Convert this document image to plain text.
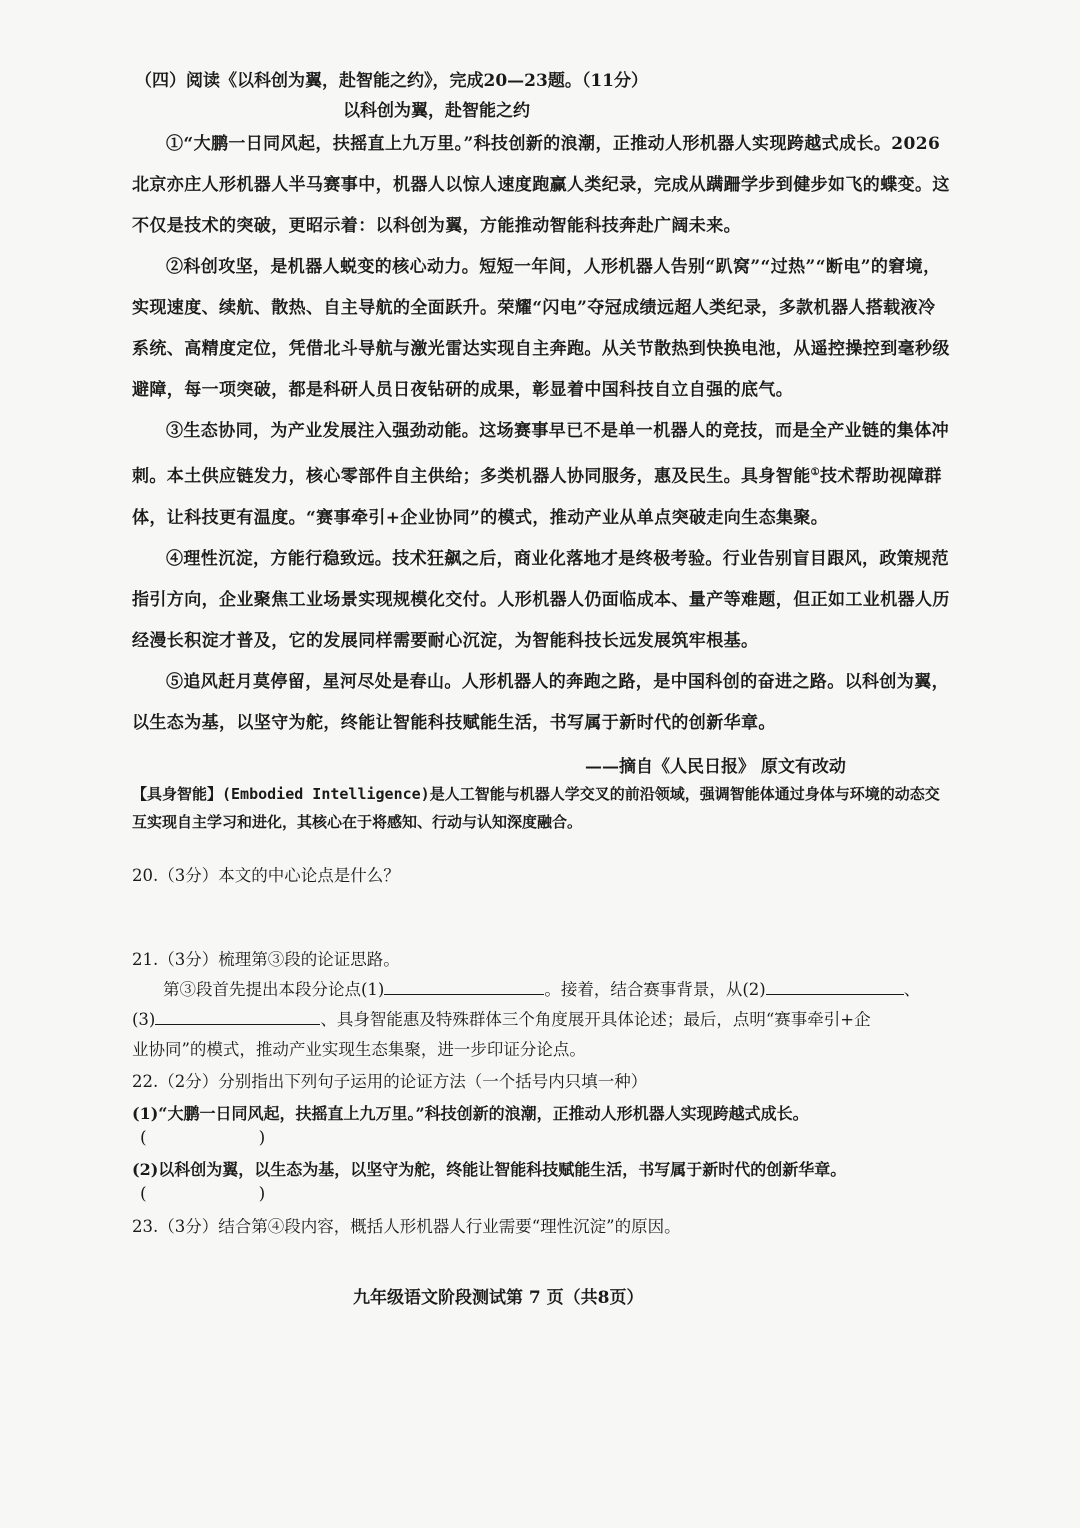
（四）阅读《以科创为翼，赴智能之约》，完成20—23题。（11分）
以科创为翼，赴智能之约

①“大鹏一日同风起，扶摇直上九万里。”科技创新的浪潮，正推动人形机器人实现跨越式成长。2026北京亦庄人形机器人半马赛事中，机器人以惊人速度跑赢人类纪录，完成从蹒跚学步到健步如飞的蝶变。这不仅是技术的突破，更昭示着：以科创为翼，方能推动智能科技奔赴广阔未来。

②科创攻坚，是机器人蜕变的核心动力。短短一年间，人形机器人告别“趴窝”“过热”“断电”的窘境，实现速度、续航、散热、自主导航的全面跃升。荣耀“闪电”夺冠成绩远超人类纪录，多款机器人搭载液冷系统、高精度定位，凭借北斗导航与激光雷达实现自主奔跑。从关节散热到快换电池，从遥控操控到毫秒级避障，每一项突破，都是科研人员日夜钻研的成果，彰显着中国科技自立自强的底气。

③生态协同，为产业发展注入强劲动能。这场赛事早已不是单一机器人的竞技，而是全产业链的集体冲刺。本土供应链发力，核心零部件自主供给；多类机器人协同服务，惠及民生。具身智能①技术帮助视障群体，让科技更有温度。“赛事牵引+企业协同”的模式，推动产业从单点突破走向生态集聚。

④理性沉淀，方能行稳致远。技术狂飙之后，商业化落地才是终极考验。行业告别盲目跟风，政策规范指引方向，企业聚焦工业场景实现规模化交付。人形机器人仍面临成本、量产等难题，但正如工业机器人历经漫长积淀才普及，它的发展同样需要耐心沉淀，为智能科技长远发展筑牢根基。

⑤追风赶月莫停留，星河尽处是春山。人形机器人的奔跑之路，是中国科创的奋进之路。以科创为翼，以生态为基，以坚守为舵，终能让智能科技赋能生活，书写属于新时代的创新华章。

——摘自《人民日报》 原文有改动
【具身智能】(Embodied Intelligence)是人工智能与机器人学交叉的前沿领域，强调智能体通过身体与环境的动态交互实现自主学习和进化，其核心在于将感知、行动与认知深度融合。
20.（3分）本文的中心论点是什么？
21.（3分）梳理第③段的论证思路。
第③段首先提出本段分论点(1)	。接着，结合赛事背景，从(2)	、
(3)	、具身智能惠及特殊群体三个角度展开具体论述；最后，点明“赛事牵引+企
业协同”的模式，推动产业实现生态集聚，进一步印证分论点。
22.（2分）分别指出下列句子运用的论证方法（一个括号内只填一种）
(1)“大鹏一日同风起，扶摇直上九万里。”科技创新的浪潮，正推动人形机器人实现跨越式成长。
(	)
(2)以科创为翼，以生态为基，以坚守为舵，终能让智能科技赋能生活，书写属于新时代的创新华章。
(	)
23.（3分）结合第④段内容，概括人形机器人行业需要“理性沉淀”的原因。
九年级语文阶段测试第 7 页（共8页）
